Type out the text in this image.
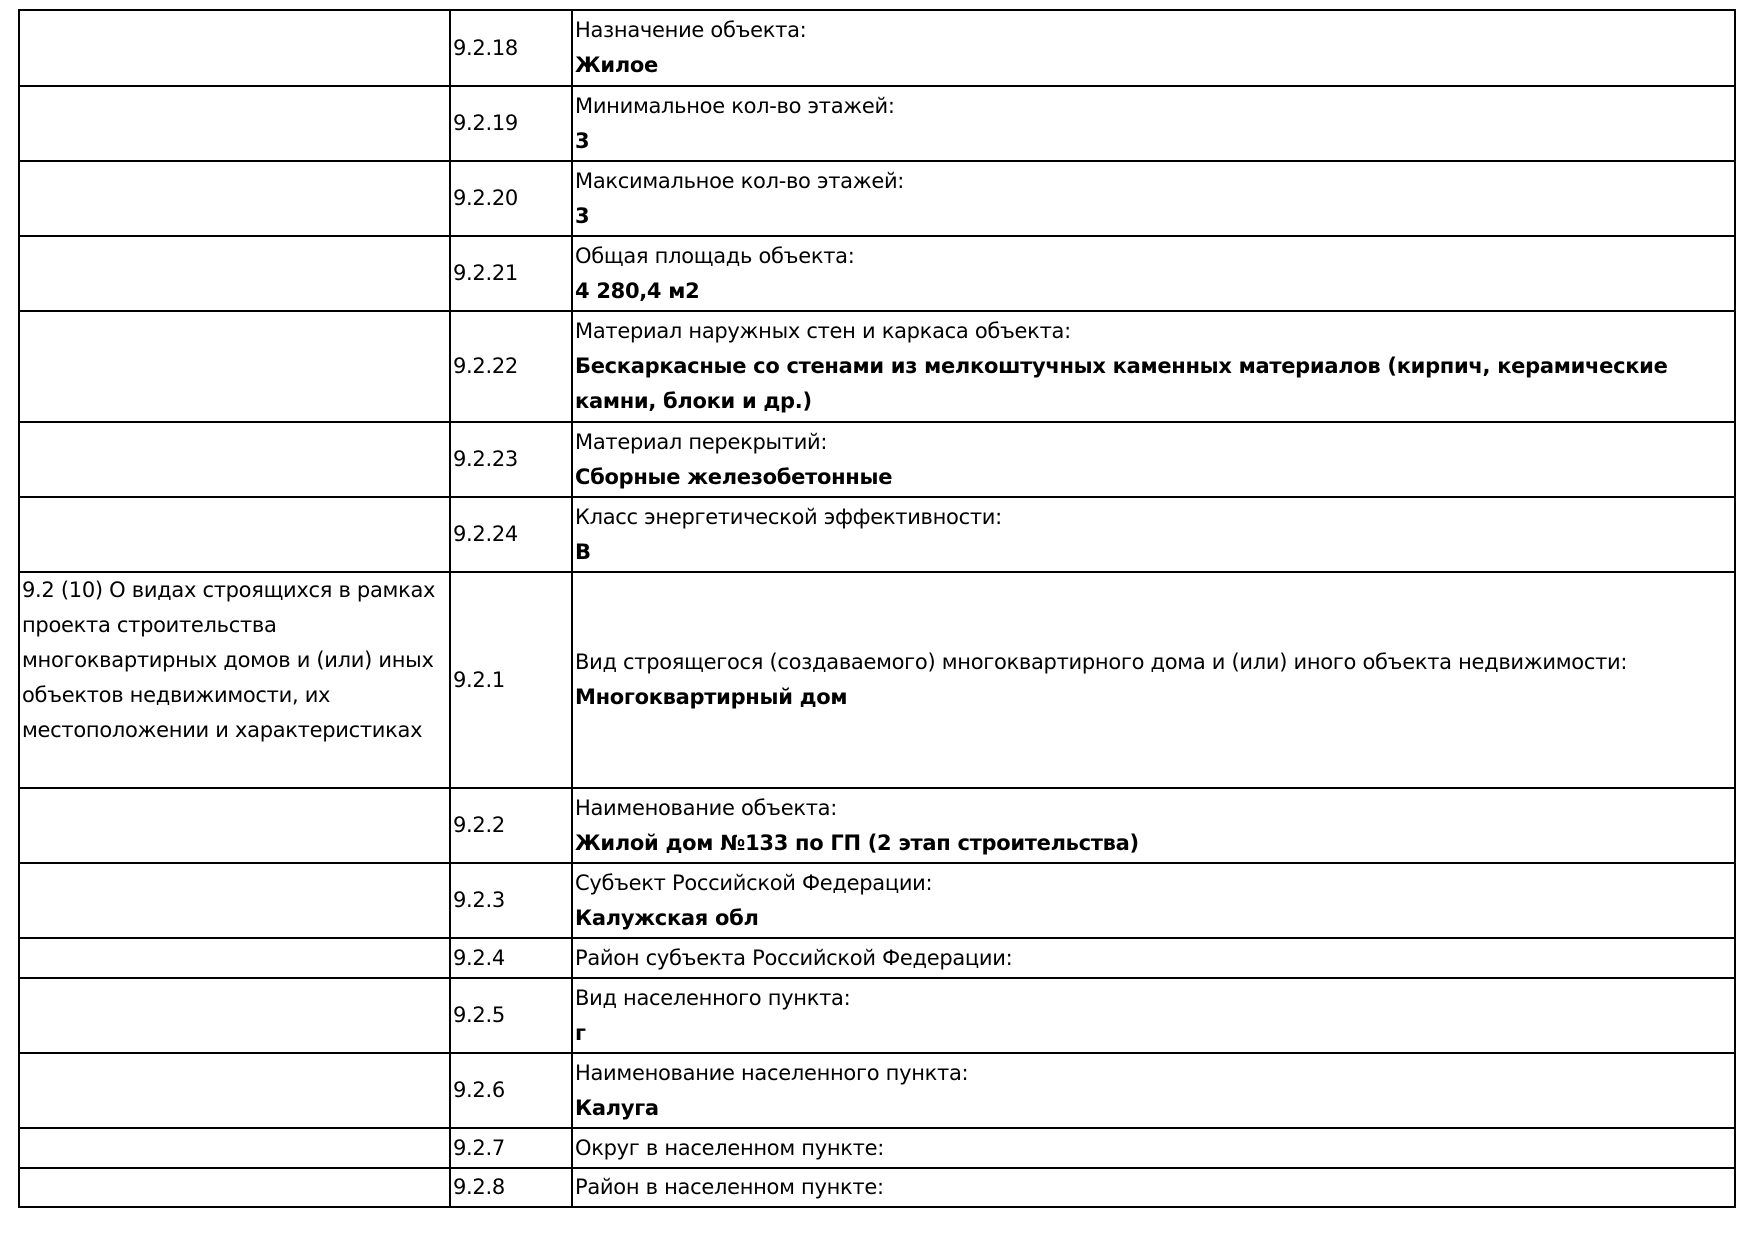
	9.2.18	Назначение объекта:
Жилое

	9.2.19	Минимальное кол-во этажей:
3

	9.2.20	Максимальное кол-во этажей:
3

	9.2.21	Общая площадь объекта:
4 280,4 м2

	9.2.22	Материал наружных стен и каркаса объекта:
Бескаркасные со стенами из мелкоштучных каменных материалов (кирпич, керамические камни, блоки и др.)

	9.2.23	Материал перекрытий:
Сборные железобетонные

	9.2.24	Класс энергетической эффективности:
В

9.2 (10) О видах строящихся в рамках проекта строительства многоквартирных домов и (или) иных объектов недвижимости, их местоположении и характеристиках	9.2.1	Вид строящегося (создаваемого) многоквартирного дома и (или) иного объекта недвижимости:
Многоквартирный дом

	9.2.2	Наименование объекта:
Жилой дом №133 по ГП (2 этап строительства)

	9.2.3	Субъект Российской Федерации:
Калужская обл

	9.2.4	Район субъекта Российской Федерации:

	9.2.5	Вид населенного пункта:
г

	9.2.6	Наименование населенного пункта:
Калуга

	9.2.7	Округ в населенном пункте:

	9.2.8	Район в населенном пункте:
